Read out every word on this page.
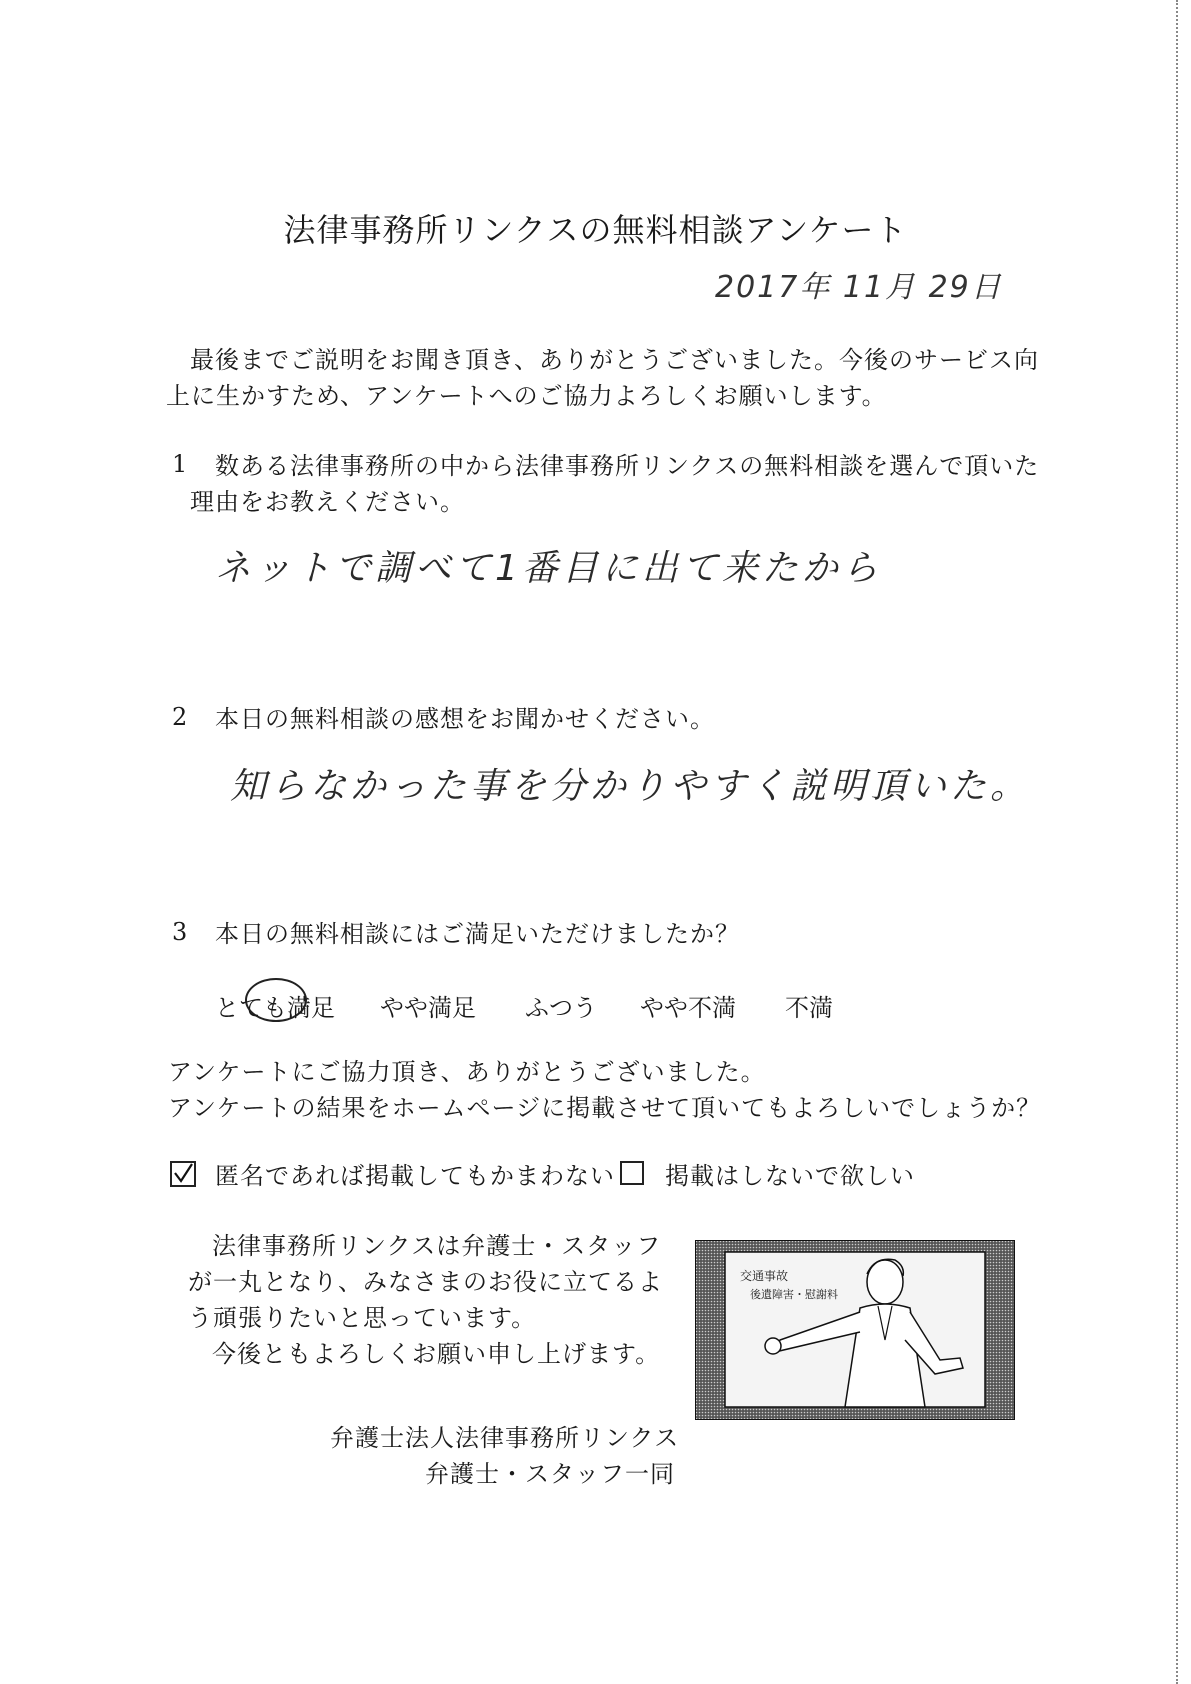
法律事務所リンクスの無料相談アンケート
2017年 11月 29日
最後までご説明をお聞き頂き、ありがとうございました。今後のサービス向
上に生かすため、アンケートへのご協力よろしくお願いします。
1 数ある法律事務所の中から法律事務所リンクスの無料相談を選んで頂いた
理由をお教えください。
ネットで調べて1番目に出て来たから
2 本日の無料相談の感想をお聞かせください。
知らなかった事を分かりやすく説明頂いた。
3 本日の無料相談にはご満足いただけましたか？
とても満足 やや満足 ふつう やや不満 不満
アンケートにご協力頂き、ありがとうございました。
アンケートの結果をホームページに掲載させて頂いてもよろしいでしょうか？
匿名であれば掲載してもかまわない 掲載はしないで欲しい
法律事務所リンクスは弁護士・スタッフ
が一丸となり、みなさまのお役に立てるよ
う頑張りたいと思っています。
今後ともよろしくお願い申し上げます。
交通事故
後遺障害・慰謝料
弁護士法人法律事務所リンクス
弁護士・スタッフ一同
